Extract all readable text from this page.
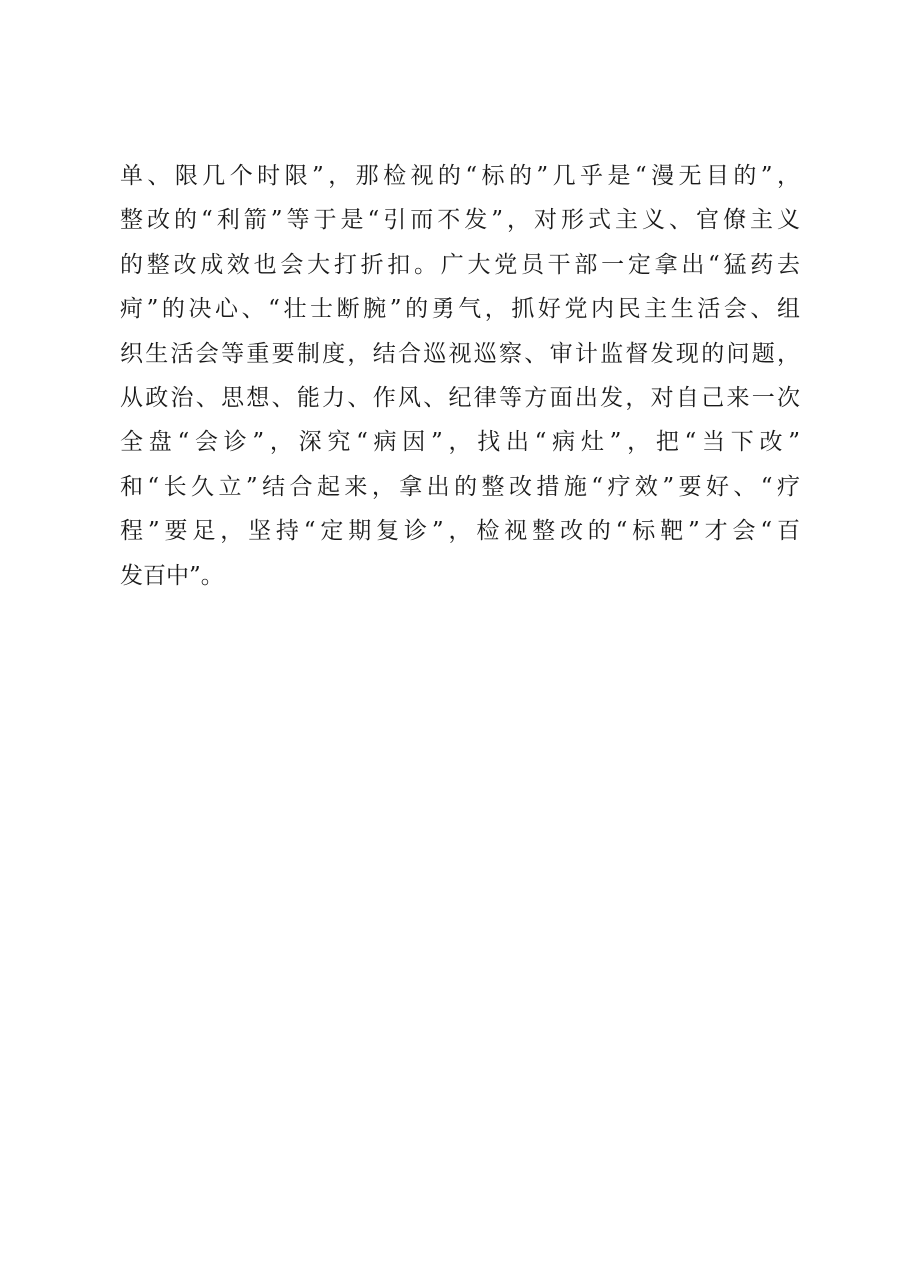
单、限几个时限”，那检视的“标的”几乎是“漫无目的”，
整改的“利箭”等于是“引而不发”，对形式主义、官僚主义
的整改成效也会大打折扣。广大党员干部一定拿出“猛药去
疴”的决心、“壮士断腕”的勇气，抓好党内民主生活会、组
织生活会等重要制度，结合巡视巡察、审计监督发现的问题，
从政治、思想、能力、作风、纪律等方面出发，对自己来一次
全盘“会诊”，深究“病因”，找出“病灶”，把“当下改”
和“长久立”结合起来，拿出的整改措施“疗效”要好、“疗
程”要足，坚持“定期复诊”，检视整改的“标靶”才会“百
发百中”。
